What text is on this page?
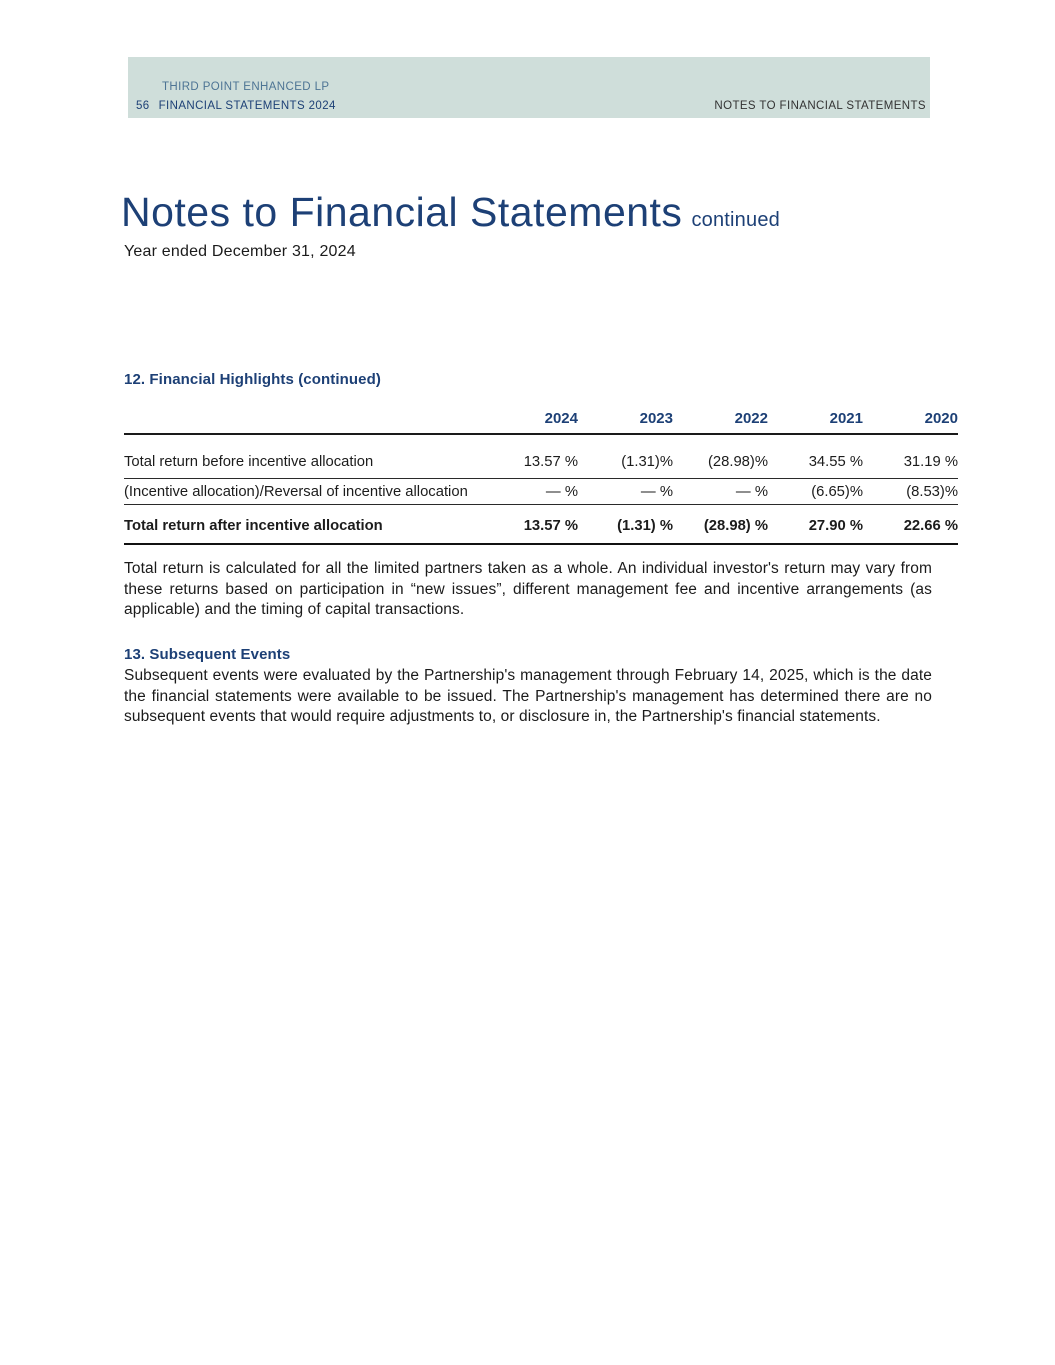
THIRD POINT ENHANCED LP
56 FINANCIAL STATEMENTS 2024	NOTES TO FINANCIAL STATEMENTS
Notes to Financial Statements continued
Year ended December 31, 2024
12. Financial Highlights (continued)
	2024	2023	2022	2021	2020
Total return before incentive allocation	13.57 %	(1.31)%	(28.98)%	34.55 %	31.19 %
(Incentive allocation)/Reversal of incentive allocation	— %	— %	— %	(6.65)%	(8.53)%
Total return after incentive allocation	13.57 %	(1.31) %	(28.98) %	27.90 %	22.66 %

Total return is calculated for all the limited partners taken as a whole. An individual investor's return may vary from these returns based on participation in “new issues”, different management fee and incentive arrangements (as applicable) and the timing of capital transactions.

13. Subsequent Events

Subsequent events were evaluated by the Partnership's management through February 14, 2025, which is the date the financial statements were available to be issued. The Partnership's management has determined there are no subsequent events that would require adjustments to, or disclosure in, the Partnership's financial statements.
